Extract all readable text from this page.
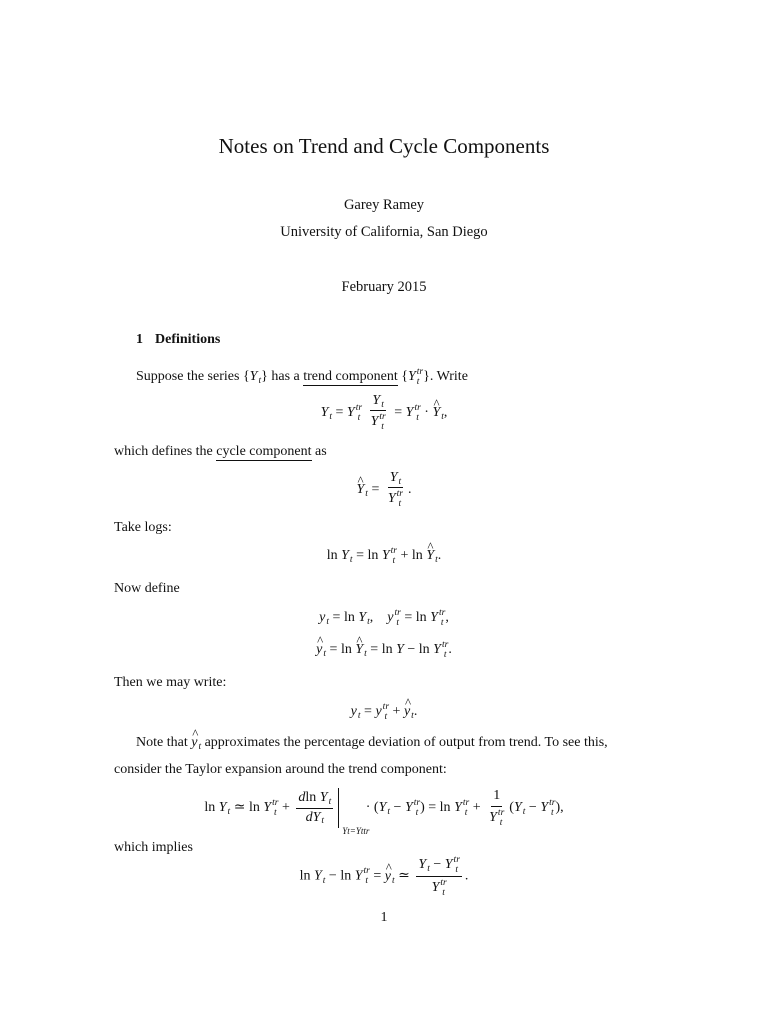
Notes on Trend and Cycle Components
Garey Ramey
University of California, San Diego
February 2015
1 Definitions
Suppose the series $\{Y_t\}$ has a trend component {Y tr
t }. Write
$Y_t = Y$ tr
t
$Y_t$
Y tr
t = Y tr
t · ^ $Y_t$,
which defines the cycle component as
^ $Y_t = Y_t$
Y tr
t .
Take logs:
$\ln Y_t = \ln Y$ tr
t + ln ^ $Y_t$.
Now define
$y_t = \ln Y_t$, y tr
t = ln Y tr
t ,
^ $y_t = \ln$ ^ $Y_t = \ln Y - \ln Y$ tr
t .
Then we may write:
$y_t = y$ tr
t + ^ $y_t$.
Note that ^ $y_t$ approximates the percentage deviation of output from trend. To see this,
consider the Taylor expansion around the trend component:
$\ln Y_t$ ≃ ln Y tr
$t + \frac{dln Y_t}{dY_t}$
Yt=Yttr
· ($Y_t - Y$ tr
t ) = ln Y tr
t + 1
Y tr
t ($Y_t - Y$ tr
t ),
which implies
$\ln Y_t - \ln Y$ tr
t = ^ $y_t$ ≃ $Y_t - Y$ tr
t
Y tr
t .
1
